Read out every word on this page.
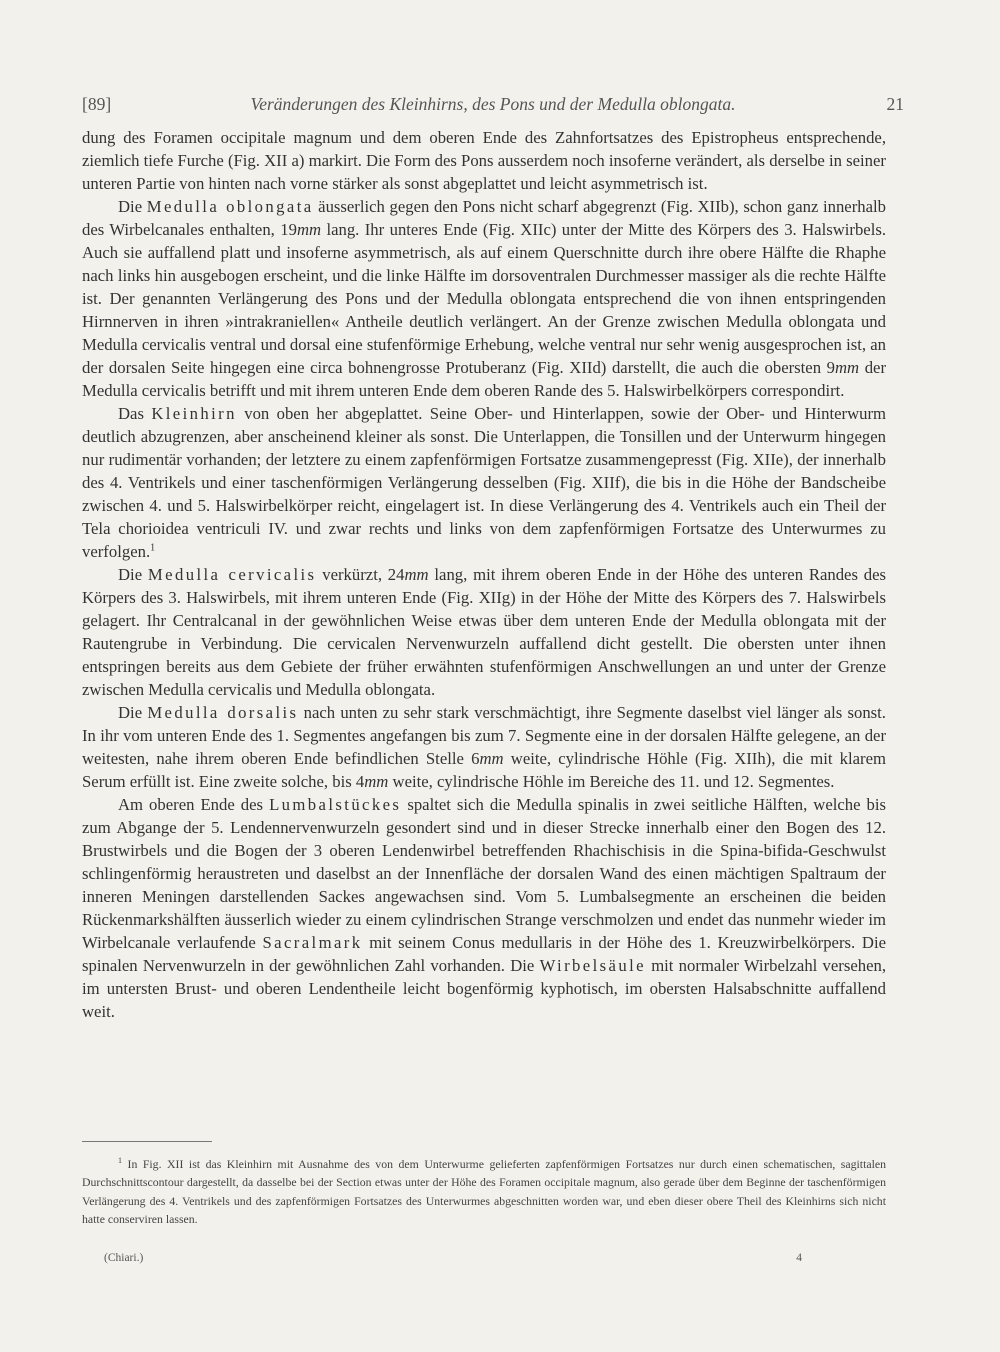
[89]	Veränderungen des Kleinhirns, des Pons und der Medulla oblongata.	21

dung des Foramen occipitale magnum und dem oberen Ende des Zahnfortsatzes des Epistropheus entsprechende, ziemlich tiefe Furche (Fig. XII a) markirt. Die Form des Pons ausserdem noch insoferne verändert, als derselbe in seiner unteren Partie von hinten nach vorne stärker als sonst abgeplattet und leicht asymmetrisch ist.

Die Medulla oblongata äusserlich gegen den Pons nicht scharf abgegrenzt (Fig. XIIb), schon ganz innerhalb des Wirbelcanales enthalten, 19mm lang. Ihr unteres Ende (Fig. XIIc) unter der Mitte des Körpers des 3. Halswirbels. Auch sie auffallend platt und insoferne asymmetrisch, als auf einem Querschnitte durch ihre obere Hälfte die Rhaphe nach links hin ausgebogen erscheint, und die linke Hälfte im dorsoventralen Durchmesser massiger als die rechte Hälfte ist. Der genannten Verlängerung des Pons und der Medulla oblongata entsprechend die von ihnen entspringenden Hirnnerven in ihren »intrakraniellen« Antheile deutlich verlängert. An der Grenze zwischen Medulla oblongata und Medulla cervicalis ventral und dorsal eine stufenförmige Erhebung, welche ventral nur sehr wenig ausgesprochen ist, an der dorsalen Seite hingegen eine circa bohnengrosse Protuberanz (Fig. XIId) darstellt, die auch die obersten 9mm der Medulla cervicalis betrifft und mit ihrem unteren Ende dem oberen Rande des 5. Halswirbelkörpers correspondirt.

Das Kleinhirn von oben her abgeplattet. Seine Ober- und Hinterlappen, sowie der Ober- und Hinterwurm deutlich abzugrenzen, aber anscheinend kleiner als sonst. Die Unterlappen, die Tonsillen und der Unterwurm hingegen nur rudimentär vorhanden; der letztere zu einem zapfenförmigen Fortsatze zusammengepresst (Fig. XIIe), der innerhalb des 4. Ventrikels und einer taschenförmigen Verlängerung desselben (Fig. XIIf), die bis in die Höhe der Bandscheibe zwischen 4. und 5. Halswirbelkörper reicht, eingelagert ist. In diese Verlängerung des 4. Ventrikels auch ein Theil der Tela chorioidea ventriculi IV. und zwar rechts und links von dem zapfenförmigen Fortsatze des Unterwurmes zu verfolgen.$^1$

Die Medulla cervicalis verkürzt, 24mm lang, mit ihrem oberen Ende in der Höhe des unteren Randes des Körpers des 3. Halswirbels, mit ihrem unteren Ende (Fig. XIIg) in der Höhe der Mitte des Körpers des 7. Halswirbels gelagert. Ihr Centralcanal in der gewöhnlichen Weise etwas über dem unteren Ende der Medulla oblongata mit der Rautengrube in Verbindung. Die cervicalen Nervenwurzeln auffallend dicht gestellt. Die obersten unter ihnen entspringen bereits aus dem Gebiete der früher erwähnten stufenförmigen Anschwellungen an und unter der Grenze zwischen Medulla cervicalis und Medulla oblongata.

Die Medulla dorsalis nach unten zu sehr stark verschmächtigt, ihre Segmente daselbst viel länger als sonst. In ihr vom unteren Ende des 1. Segmentes angefangen bis zum 7. Segmente eine in der dorsalen Hälfte gelegene, an der weitesten, nahe ihrem oberen Ende befindlichen Stelle 6mm weite, cylindrische Höhle (Fig. XIIh), die mit klarem Serum erfüllt ist. Eine zweite solche, bis 4mm weite, cylindrische Höhle im Bereiche des 11. und 12. Segmentes.

Am oberen Ende des Lumbalstückes spaltet sich die Medulla spinalis in zwei seitliche Hälften, welche bis zum Abgange der 5. Lendennervenwurzeln gesondert sind und in dieser Strecke innerhalb einer den Bogen des 12. Brustwirbels und die Bogen der 3 oberen Lendenwirbel betreffenden Rhachischisis in die Spina-bifida-Geschwulst schlingenförmig heraustreten und daselbst an der Innenfläche der dorsalen Wand des einen mächtigen Spaltraum der inneren Meningen darstellenden Sackes angewachsen sind. Vom 5. Lumbalsegmente an erscheinen die beiden Rückenmarkshälften äusserlich wieder zu einem cylindrischen Strange verschmolzen und endet das nunmehr wieder im Wirbelcanale verlaufende Sacralmark mit seinem Conus medullaris in der Höhe des 1. Kreuzwirbelkörpers. Die spinalen Nervenwurzeln in der gewöhnlichen Zahl vorhanden. Die Wirbelsäule mit normaler Wirbelzahl versehen, im untersten Brust- und oberen Lendentheile leicht bogenförmig kyphotisch, im obersten Halsabschnitte auffallend weit.

$^1$ In Fig. XII ist das Kleinhirn mit Ausnahme des von dem Unterwurme gelieferten zapfenförmigen Fortsatzes nur durch einen schematischen, sagittalen Durchschnittscontour dargestellt, da dasselbe bei der Section etwas unter der Höhe des Foramen occipitale magnum, also gerade über dem Beginne der taschenförmigen Verlängerung des 4. Ventrikels und des zapfenförmigen Fortsatzes des Unterwurmes abgeschnitten worden war, und eben dieser obere Theil des Kleinhirns sich nicht hatte conserviren lassen.
(Chiari.)	4
